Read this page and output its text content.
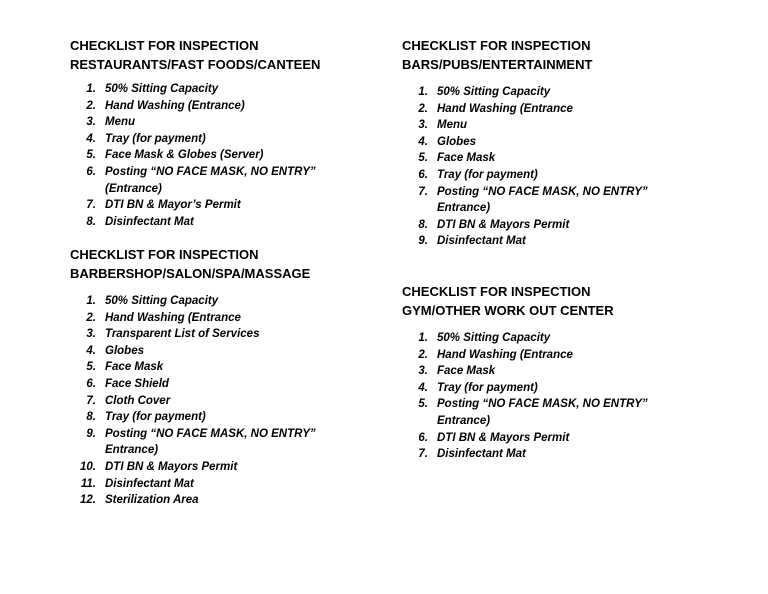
CHECKLIST FOR INSPECTION

RESTAURANTS/FAST FOODS/CANTEEN

1. 50% Sitting Capacity
2. Hand Washing (Entrance)
3. Menu
4. Tray (for payment)
5. Face Mask & Globes (Server)
6. Posting “NO FACE MASK, NO ENTRY”
(Entrance)
7. DTI BN & Mayor’s Permit
8. Disinfectant Mat

CHECKLIST FOR INSPECTION

BARBERSHOP/SALON/SPA/MASSAGE

1. 50% Sitting Capacity
2. Hand Washing (Entrance
3. Transparent List of Services
4. Globes
5. Face Mask
6. Face Shield
7. Cloth Cover
8. Tray (for payment)
9. Posting “NO FACE MASK, NO ENTRY”
Entrance)
10. DTI BN & Mayors Permit
11. Disinfectant Mat
12. Sterilization Area

CHECKLIST FOR INSPECTION

BARS/PUBS/ENTERTAINMENT

1. 50% Sitting Capacity
2. Hand Washing (Entrance
3. Menu
4. Globes
5. Face Mask
6. Tray (for payment)
7. Posting “NO FACE MASK, NO ENTRY”
Entrance)
8. DTI BN & Mayors Permit
9. Disinfectant Mat

CHECKLIST FOR INSPECTION

GYM/OTHER WORK OUT CENTER

1. 50% Sitting Capacity
2. Hand Washing (Entrance
3. Face Mask
4. Tray (for payment)
5. Posting “NO FACE MASK, NO ENTRY”
Entrance)
6. DTI BN & Mayors Permit
7. Disinfectant Mat
